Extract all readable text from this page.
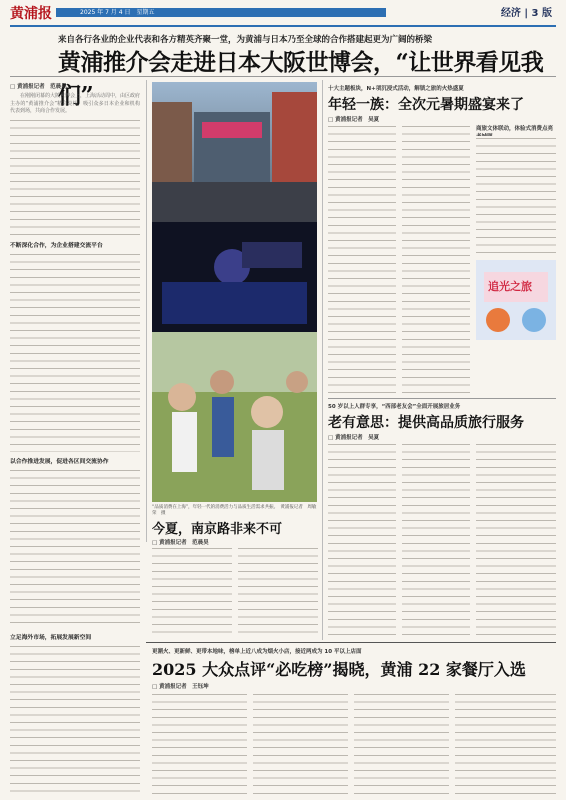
黄浦报	2025 年 7 月 4 日　星期五	经济 | 3 版
来自各行各业的企业代表和各方精英齐聚一堂，为黄浦与日本乃至全球的合作搭建起更为广阔的桥梁
黄浦推介会走进日本大阪世博会，“让世界看见我们”
□ 黄浦报记者　范晨昊
在刚刚闭幕的大阪世博会上，上海活动周中，由区政府主办的“黄浦推介会”精彩亮相，吸引众多日本企业和机构代表到场，共商合作发展。
不断深化合作，为企业搭建交流平台
以合作推进发展，促进各区间交流协作
立足海外市场，拓展发展新空间
“品质消费在上海”，年轻一代的消费活力与品质生活需求共振。　黄浦报记者　周敏荣　摄
今夏，南京路非来不可
□ 黄浦报记者　范晨昊
十大主题板块，N+项沉浸式活动，解锁之旅的火热盛夏
年轻一族：全次元暑期盛宴来了
□ 黄浦报记者　吴夏
商旅文体联动，体验式消费点亮
追光之旅
50 岁以上人群专享，“西部老友会”全面开展旅居业务
老有意思：提供高品质旅行服务
□ 黄浦报记者　吴夏
更潮火、更新鲜、更带本地味，榜单上近八成为烟火小店，接近两成为 10 平以上店面
2025 大众点评“必吃榜”揭晓，黄浦 22 家餐厅入选
□ 黄浦报记者　王钰坤
